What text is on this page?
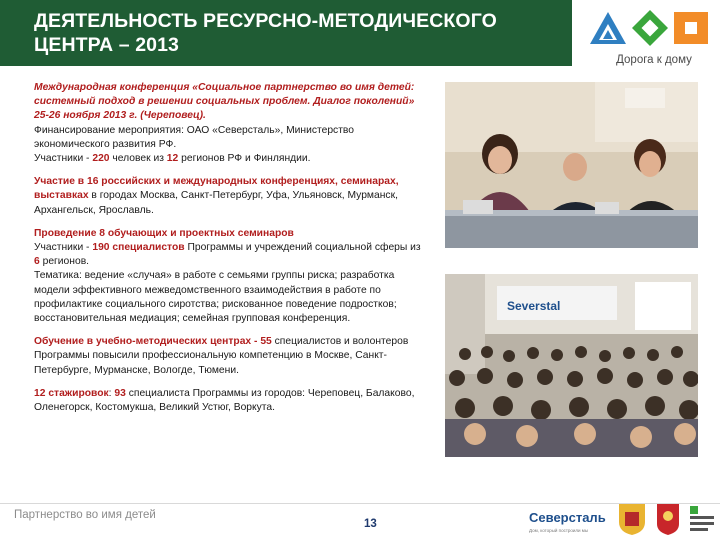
ДЕЯТЕЛЬНОСТЬ РЕСУРСНО-МЕТОДИЧЕСКОГО
ЦЕНТРА – 2013
Дорога к дому

Международная конференция «Социальное партнерство во имя детей: системный подход в решении социальных проблем. Диалог поколений» 25-26 ноября 2013 г. (Череповец).

Финансирование мероприятия: ОАО «Северсталь», Министерство экономического развития РФ.

Участники - 220 человек из 12 регионов РФ и Финляндии.

Участие в 16 российских и международных конференциях, семинарах, выставках в городах Москва, Санкт-Петербург, Уфа, Ульяновск, Мурманск, Архангельск, Ярославль.

Проведение 8 обучающих и проектных семинаров

Участники - 190 специалистов Программы и учреждений социальной сферы из 6 регионов.

Тематика: ведение «случая» в работе с семьями группы риска; разработка модели эффективного межведомственного взаимодействия в работе по профилактике социального сиротства; рискованное поведение подростков; восстановительная медиация; семейная групповая конференция.

Обучение в учебно-методических центрах - 55 специалистов и волонтеров Программы повысили профессиональную компетенцию в Москве, Санкт-Петербурге, Мурманске, Вологде, Тюмени.

12 стажировок: 93 специалиста Программы из городов: Череповец, Балаково, Оленегорск, Костомукша, Великий Устюг, Воркута.

Severstal
Партнерство во имя детей
13	Северсталь
Дом, который построили мы
